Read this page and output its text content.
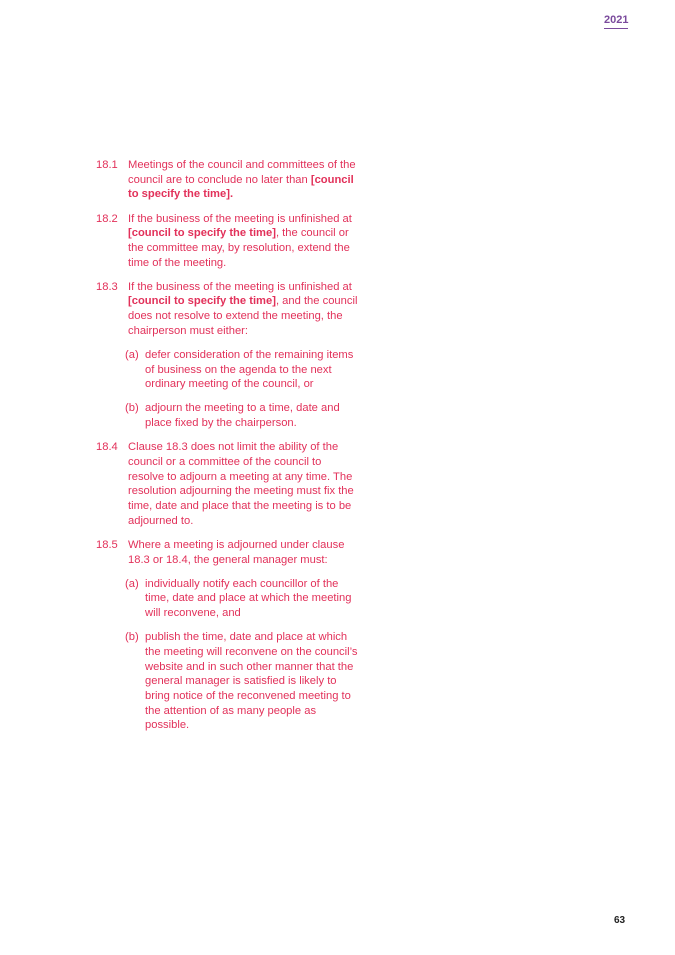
2021
18.1 Meetings of the council and committees of the council are to conclude no later than [council to specify the time].
18.2 If the business of the meeting is unfinished at [council to specify the time], the council or the committee may, by resolution, extend the time of the meeting.
18.3 If the business of the meeting is unfinished at [council to specify the time], and the council does not resolve to extend the meeting, the chairperson must either:
(a) defer consideration of the remaining items of business on the agenda to the next ordinary meeting of the council, or
(b) adjourn the meeting to a time, date and place fixed by the chairperson.
18.4 Clause 18.3 does not limit the ability of the council or a committee of the council to resolve to adjourn a meeting at any time. The resolution adjourning the meeting must fix the time, date and place that the meeting is to be adjourned to.
18.5 Where a meeting is adjourned under clause 18.3 or 18.4, the general manager must:
(a) individually notify each councillor of the time, date and place at which the meeting will reconvene, and
(b) publish the time, date and place at which the meeting will reconvene on the council’s website and in such other manner that the general manager is satisfied is likely to bring notice of the reconvened meeting to the attention of as many people as possible.
63
